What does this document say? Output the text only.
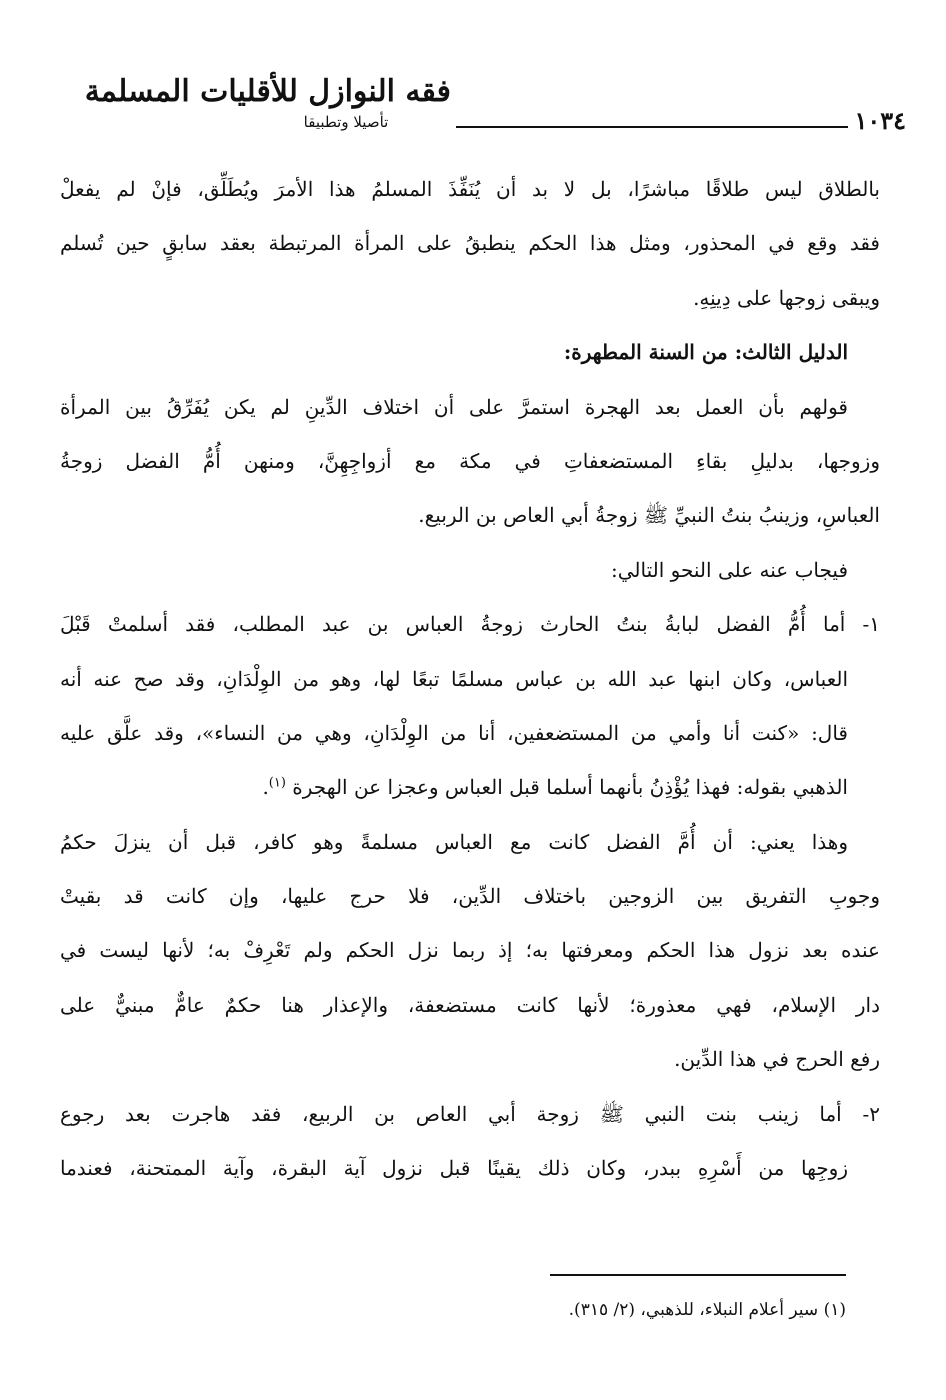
فقه النوازل للأقليات المسلمة
تأصيلا وتطبيقا	١٠٣٤
بالطلاق ليس طلاقًا مباشرًا، بل لا بد أن يُنَفِّذَ المسلمُ هذا الأمرَ ويُطَلِّق، فإنْ لم يفعلْ
فقد وقع في المحذور، ومثل هذا الحكم ينطبقُ على المرأة المرتبطة بعقد سابقٍ حين تُسلم
ويبقى زوجها على دِينِهِ.
الدليل الثالث: من السنة المطهرة:
قولهم بأن العمل بعد الهجرة استمرَّ على أن اختلاف الدِّينِ لم يكن يُفَرِّقُ بين المرأة
وزوجها، بدليلِ بقاءِ المستضعفاتِ في مكة مع أزواجِهِنَّ، ومنهن أُمُّ الفضل زوجةُ
العباسِ، وزينبُ بنتُ النبيِّ ﷺ زوجةُ أبي العاص بن الربيع.
فيجاب عنه على النحو التالي:
١- أما أُمُّ الفضل لبابةُ بنتُ الحارث زوجةُ العباس بن عبد المطلب، فقد أسلمتْ قَبْلَ
العباس، وكان ابنها عبد الله بن عباس مسلمًا تبعًا لها، وهو من الوِلْدَانِ، وقد صح عنه أنه
قال: «كنت أنا وأمي من المستضعفين، أنا من الوِلْدَانِ، وهي من النساء»، وقد علَّق عليه
الذهبي بقوله: فهذا يُؤْذِنُ بأنهما أسلما قبل العباس وعجزا عن الهجرة $^{(١)}$.
وهذا يعني: أن أُمَّ الفضل كانت مع العباس مسلمةً وهو كافر، قبل أن ينزلَ حكمُ
وجوبِ التفريق بين الزوجين باختلاف الدِّين، فلا حرج عليها، وإن كانت قد بقيتْ
عنده بعد نزول هذا الحكم ومعرفتها به؛ إذ ربما نزل الحكم ولم تَعْرِفْ به؛ لأنها ليست في
دار الإسلام، فهي معذورة؛ لأنها كانت مستضعفة، والإعذار هنا حكمٌ عامٌّ مبنيٌّ على
رفع الحرج في هذا الدِّين.
٢- أما زينب بنت النبي ﷺ زوجة أبي العاص بن الربيع، فقد هاجرت بعد رجوع
زوجِها من أَسْرِهِ ببدر، وكان ذلك يقينًا قبل نزول آية البقرة، وآية الممتحنة، فعندما
(١) سير أعلام النبلاء، للذهبي، (٢/ ٣١٥).
